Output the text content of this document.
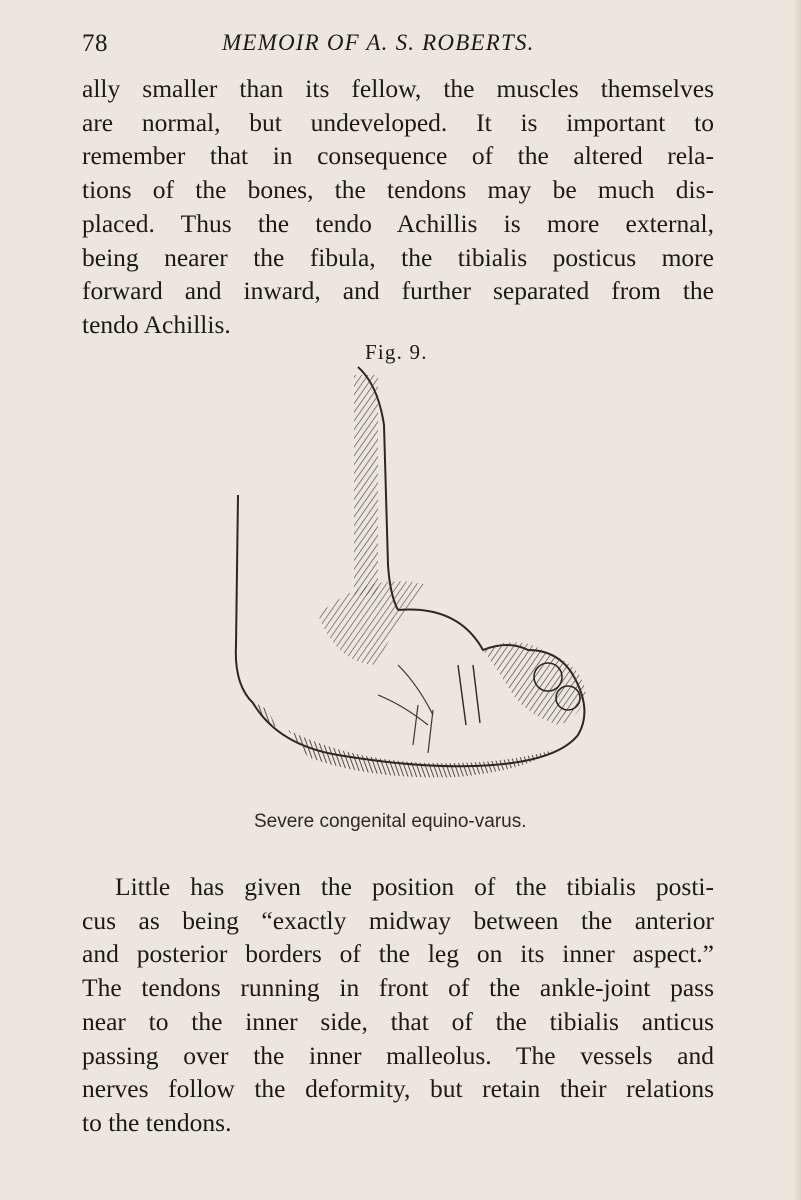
78	MEMOIR OF A. S. ROBERTS.
ally smaller than its fellow, the muscles themselves
are normal, but undeveloped. It is important to
remember that in consequence of the altered rela-
tions of the bones, the tendons may be much dis-
placed. Thus the tendo Achillis is more external,
being nearer the fibula, the tibialis posticus more
forward and inward, and further separated from the
tendo Achillis.
Fig. 9.
Severe congenital equino-varus.
Little has given the position of the tibialis posti-
cus as being “exactly midway between the anterior
and posterior borders of the leg on its inner aspect.”
The tendons running in front of the ankle-joint pass
near to the inner side, that of the tibialis anticus
passing over the inner malleolus. The vessels and
nerves follow the deformity, but retain their relations
to the tendons.
